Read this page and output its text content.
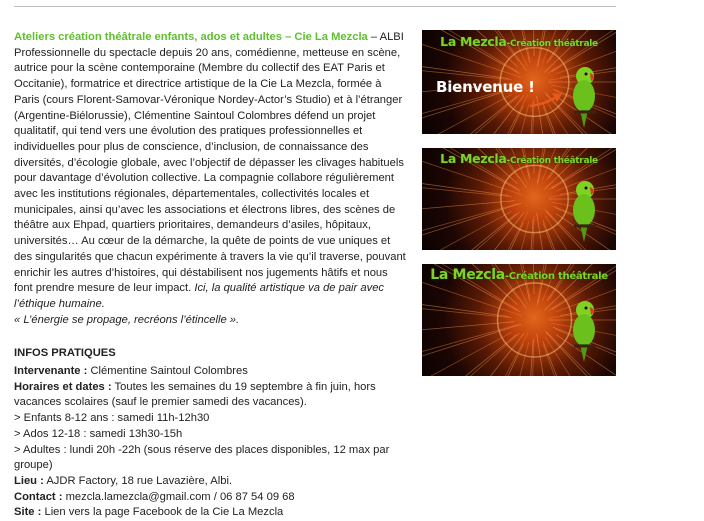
Ateliers création théâtrale enfants, ados et adultes – Cie La Mezcla – ALBI

Professionnelle du spectacle depuis 20 ans, comédienne, metteuse en scène, autrice pour la scène contemporaine (Membre du collectif des EAT Paris et Occitanie), formatrice et directrice artistique de la Cie La Mezcla, formée à Paris (cours Florent-Samovar-Véronique Nordey-Actor’s Studio) et à l’étranger (Argentine-Biélorussie), Clémentine Saintoul Colombres défend un projet qualitatif, qui tend vers une évolution des pratiques professionnelles et individuelles pour plus de conscience, d’inclusion, de connaissance des diversités, d’écologie globale, avec l’objectif de dépasser les clivages habituels pour davantage d’évolution collective. La compagnie collabore régulièrement avec les institutions régionales, départementales, collectivités locales et municipales, ainsi qu’avec les associations et électrons libres, des scènes de théâtre aux Ehpad, quartiers prioritaires, demandeurs d’asiles, hôpitaux, universités… Au cœur de la démarche, la quête de points de vue uniques et des singularités que chacun expérimente à travers la vie qu’il traverse, pouvant enrichir les autres d’histoires, qui déstabilisent nos jugements hâtifs et nous font prendre mesure de leur impact. Ici, la qualité artistique va de pair avec l’éthique humaine.

« L’énergie se propage, recréons l’étincelle ».

INFOS PRATIQUES

Intervenante : Clémentine Saintoul Colombres

Horaires et dates : Toutes les semaines du 19 septembre à fin juin, hors vacances scolaires (sauf le premier samedi des vacances).

> Enfants 8-12 ans : samedi 11h-12h30

> Ados 12-18 : samedi 13h30-15h

> Adultes : lundi 20h -22h (sous réserve des places disponibles, 12 max par groupe)

Lieu : AJDR Factory, 18 rue Lavazière, Albi.

Contact : mezcla.lamezcla@gmail.com / 06 87 54 09 68

Site : Lien vers la page Facebook de la Cie La Mezcla

La Mezcla-Création théâtrale
Bienvenue !
La Mezcla-Création théâtrale
La Mezcla-Création théâtrale
